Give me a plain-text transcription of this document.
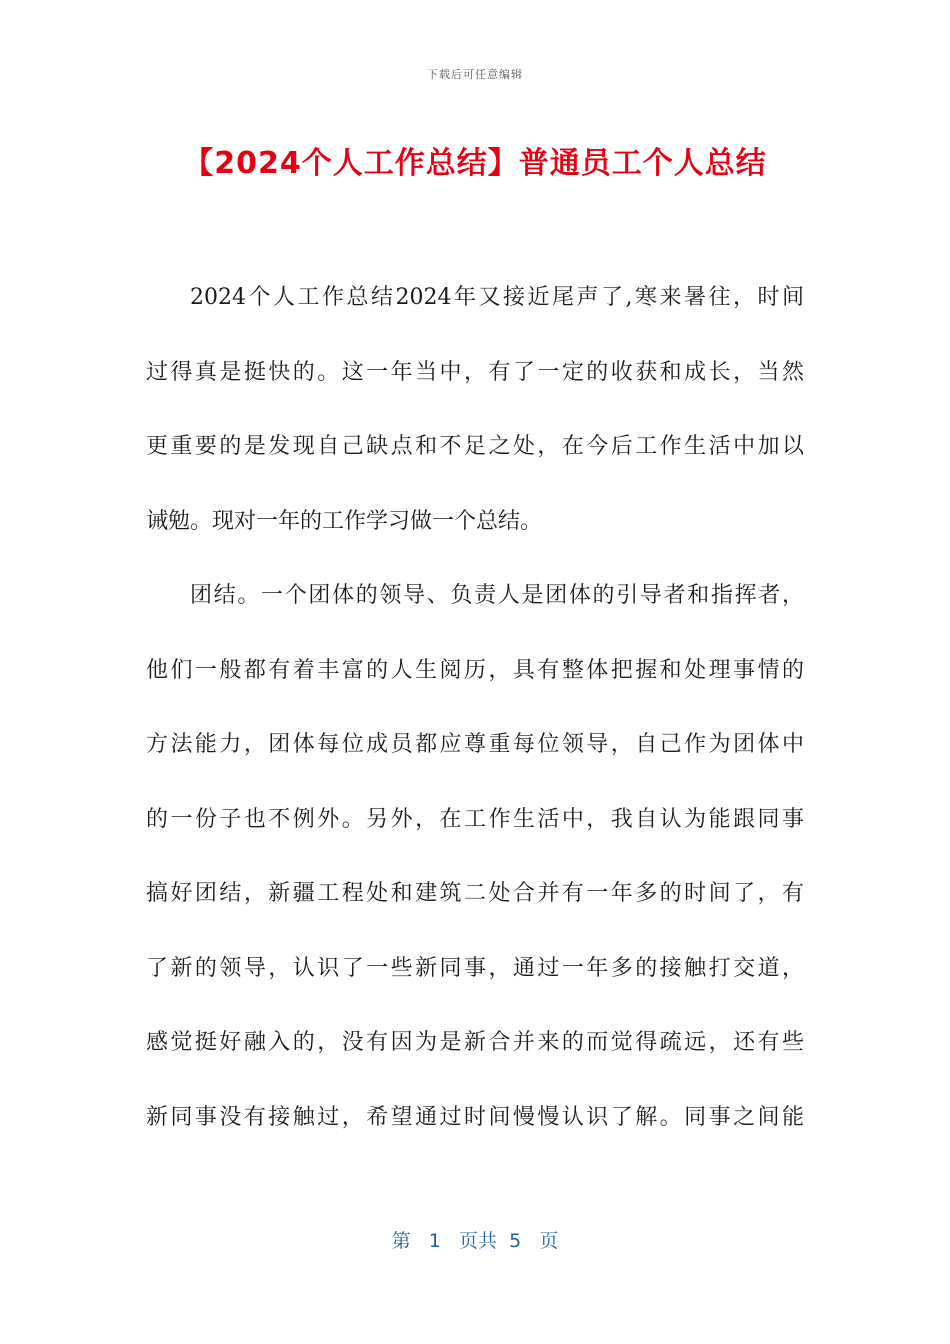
下载后可任意编辑
【2024个人工作总结】普通员工个人总结
2024个人工作总结2024年又接近尾声了,寒来暑往，时间
过得真是挺快的。这一年当中，有了一定的收获和成长，当然
更重要的是发现自己缺点和不足之处，在今后工作生活中加以
诫勉。现对一年的工作学习做一个总结。
团结。一个团体的领导、负责人是团体的引导者和指挥者，
他们一般都有着丰富的人生阅历，具有整体把握和处理事情的
方法能力，团体每位成员都应尊重每位领导，自己作为团体中
的一份子也不例外。另外，在工作生活中，我自认为能跟同事
搞好团结，新疆工程处和建筑二处合并有一年多的时间了，有
了新的领导，认识了一些新同事，通过一年多的接触打交道，
感觉挺好融入的，没有因为是新合并来的而觉得疏远，还有些
新同事没有接触过，希望通过时间慢慢认识了解。同事之间能
第 1 页共 5 页
